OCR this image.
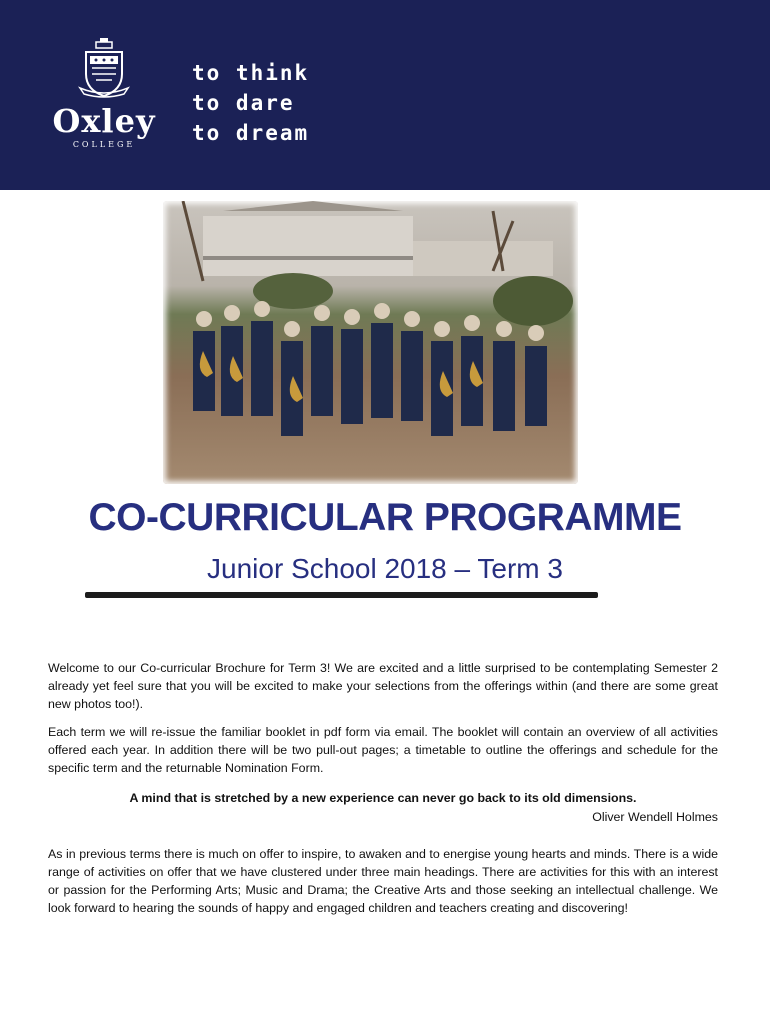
Oxley
COLLEGE
to think
to dare
to dream
CO-CURRICULAR PROGRAMME
Junior School 2018 – Term 3

Welcome to our Co-curricular Brochure for Term 3! We are excited and a little surprised to be contemplating Semester 2 already yet feel sure that you will be excited to make your selections from the offerings within (and there are some great new photos too!).

Each term we will re-issue the familiar booklet in pdf form via email. The booklet will contain an overview of all activities offered each year. In addition there will be two pull-out pages; a timetable to outline the offerings and schedule for the specific term and the returnable Nomination Form.

A mind that is stretched by a new experience can never go back to its old dimensions.
Oliver Wendell Holmes

As in previous terms there is much on offer to inspire, to awaken and to energise young hearts and minds. There is a wide range of activities on offer that we have clustered under three main headings. There are activities for this with an interest or passion for the Performing Arts; Music and Drama; the Creative Arts and those seeking an intellectual challenge. We look forward to hearing the sounds of happy and engaged children and teachers creating and discovering!
